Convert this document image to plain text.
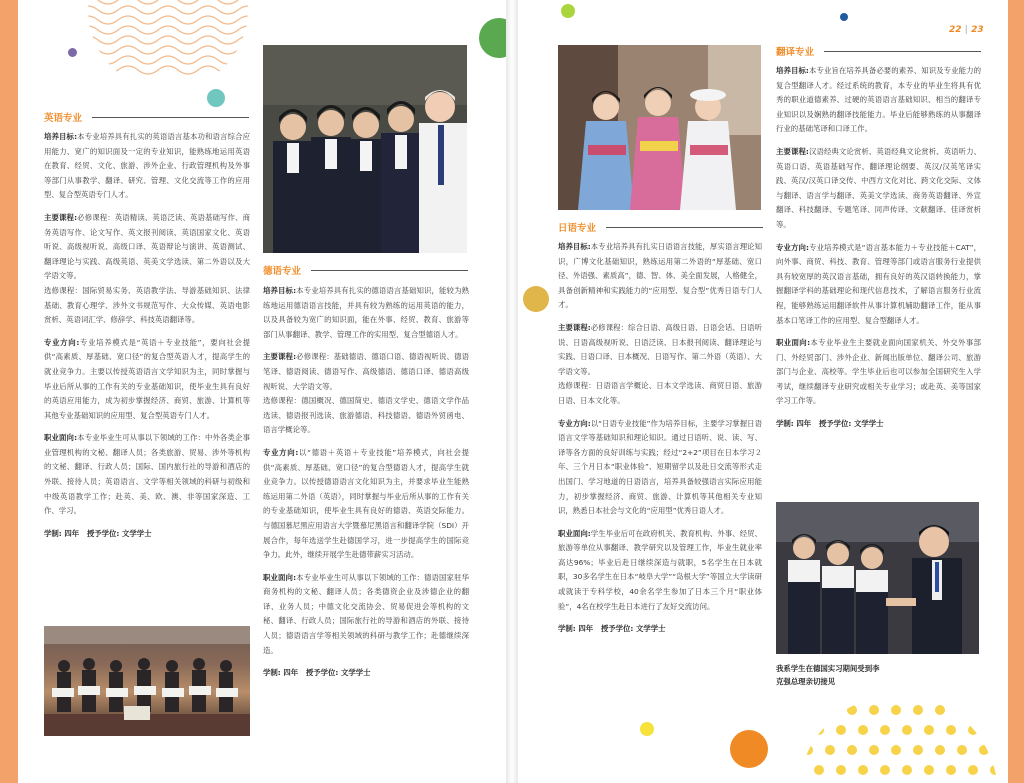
英语专业

培养目标:本专业培养具有扎实的英语语言基本功和语言综合应用能力、宽广的知识面及一定的专业知识，能熟练地运用英语在教育、经贸、文化、旅游、涉外企业、行政管理机构及外事等部门从事教学、翻译、研究、管理、文化交流等工作的应用型、复合型英语专门人才。

主要课程:必修课程：英语精读、英语泛读、英语基础写作、商务英语写作、论文写作、英文报刊阅读、英语国家文化、英语听说、高级视听说、高级口译、英语辩论与演讲、英语测试、翻译理论与实践、高级英语、英美文学选读、第二外语以及大学语文等。

选修课程：国际贸易实务、英语教学法、导游基础知识、法律基础、教育心理学、涉外文书规范写作、大众传媒、英语电影赏析、英语词汇学、修辞学、科技英语翻译等。

专业方向:专业培养模式是“英语＋专业技能”，要向社会提供“高素质、厚基础、宽口径”的复合型英语人才，提高学生的就业竞争力。主要以传授英语语言文学知识为主，同时掌握与毕业后所从事的工作有关的专业基础知识，使毕业生具有良好的英语应用能力，成为初步掌握经济、商贸、旅游、计算机等其他专业基础知识的应用型、复合型英语专门人才。

职业面向:本专业毕业生可从事以下领域的工作：中外各类企事业管理机构的文秘、翻译人员；各类旅游、贸易、涉外等机构的文秘、翻译、行政人员；国际、国内旅行社的导游和酒店的外联、接待人员；英语语言、文学等相关领域的科研与初级和中级英语教学工作；赴英、美、欧、澳、非等国家深造、工作、学习。

学制: 四年 授予学位: 文学学士

德语专业

培养目标:本专业培养具有扎实的德语语言基础知识，能较为熟练地运用德语语言技能，并具有较为熟练的运用英语的能力，以及具备较为宽广的知识面，能在外事、经贸、教育、旅游等部门从事翻译、教学、管理工作的实用型、复合型德语人才。

主要课程:必修课程：基础德语、德语口语、德语视听说、德语笔译、德语阅读、德语写作、高级德语、德语口译、德语高级视听说、大学语文等。

选修课程：德国概况、德国简史、德语文学史、德语文学作品选读、德语报刊选读、旅游德语、科技德语、德语外贸函电、语言学概论等。

专业方向:以“德语＋英语＋专业技能”培养模式，向社会提供“高素质、厚基础、宽口径”的复合型德语人才，提高学生就业竞争力。以传授德语语言文化知识为主，并要求毕业生能熟练运用第二外语（英语），同时掌握与毕业后所从事的工作有关的专业基础知识，使毕业生具有良好的德语、英语交际能力。与德国慕尼黑应用语言大学暨慕尼黑语言和翻译学院（SDI）开展合作，每年选送学生赴德国学习，进一步提高学生的国际竞争力。此外，继续开展学生赴德带薪实习活动。

职业面向:本专业毕业生可从事以下领域的工作：德语国家驻华商务机构的文秘、翻译人员；各类德资企业及涉德企业的翻译、业务人员；中德文化交流协会、贸易促进会等机构的文秘、翻译、行政人员；国际旅行社的导游和酒店的外联、接待人员；德语语言学等相关领域的科研与教学工作；赴德继续深造。

学制: 四年 授予学位: 文学学士

22 | 23
日语专业

培养目标:本专业培养具有扎实日语语言技能，厚实语言理论知识，广博文化基础知识，熟练运用第二外语的“厚基础、宽口径、外语强、素质高”，德、智、体、美全面发展，人格健全，具备创新精神和实践能力的“应用型、复合型”优秀日语专门人才。

主要课程:必修课程：综合日语、高级日语、日语会话、日语听说、日语高级视听说、日语泛读、日本报刊阅读、翻译理论与实践、日语口译、日本概况、日语写作、第二外语（英语）、大学语文等。

选修课程：日语语言学概论、日本文学选读、商贸日语、旅游日语、日本文化等。

专业方向:以“日语专业技能”作为培养目标，主要学习掌握日语语言文学等基础知识和理论知识。通过日语听、说、读、写、译等各方面的良好训练与实践；经过“2+2”项目在日本学习２年、三个月日本“职业体验”、短期留学以及赴日交流等形式走出国门、学习地道的日语语言，培养具备较强语言实际应用能力，初步掌握经济、商贸、旅游、计算机等其他相关专业知识，熟悉日本社会与文化的“应用型”优秀日语人才。

职业面向:学生毕业后可在政府机关、教育机构、外事、经贸、旅游等单位从事翻译、教学研究以及管理工作，毕业生就业率高达96%；毕业后赴日继续深造与就职，5名学生在日本就职，30多名学生在日本“岐阜大学”“岛根大学”等国立大学读研或就读于专科学校，40余名学生参加了日本三个月“职业体验”，4名在校学生赴日本进行了友好交流访问。

学制: 四年 授予学位: 文学学士

翻译专业

培养目标:本专业旨在培养具备必要的素养、知识及专业能力的复合型翻译人才。经过系统的教育，本专业的毕业生将具有优秀的职业道德素养、过硬的英语语言基础知识、相当的翻译专业知识以及娴熟的翻译技能能力。毕业后能够熟练的从事翻译行业的基础笔译和口译工作。

主要课程:汉语经典文论赏析、英语经典文论赏析、英语听力、英语口语、英语基础写作、翻译理论纲要、英汉/汉英笔译实践、英汉/汉英口译交传、中西方文化对比、跨文化交际、文体与翻译、语言学与翻译、英美文学选读、商务英语翻译、外宣翻译、科技翻译、专题笔译、同声传译、文献翻译、佳译赏析等。

专业方向:专业培养模式是“语言基本能力＋专业技能＋CAT”，向外事、商贸、科技、教育、管理等部门或语言服务行业提供具有较宽厚的英汉语言基础，拥有良好的英汉语转换能力，掌握翻译学科的基础理论和现代信息技术，了解语言服务行业流程，能够熟练运用翻译软件从事计算机辅助翻译工作，能从事基本口笔译工作的应用型、复合型翻译人才。

职业面向:本专业毕业生主要就业面向国家机关、外交外事部门、外经贸部门、涉外企业、新闻出版单位、翻译公司、旅游部门与企业、高校等。学生毕业后也可以参加全国研究生入学考试，继续翻译专业研究或相关专业学习；或赴英、美等国家学习工作等。

学制: 四年 授予学位: 文学学士

我系学生在德国实习期间受到李
克强总理亲切接见
